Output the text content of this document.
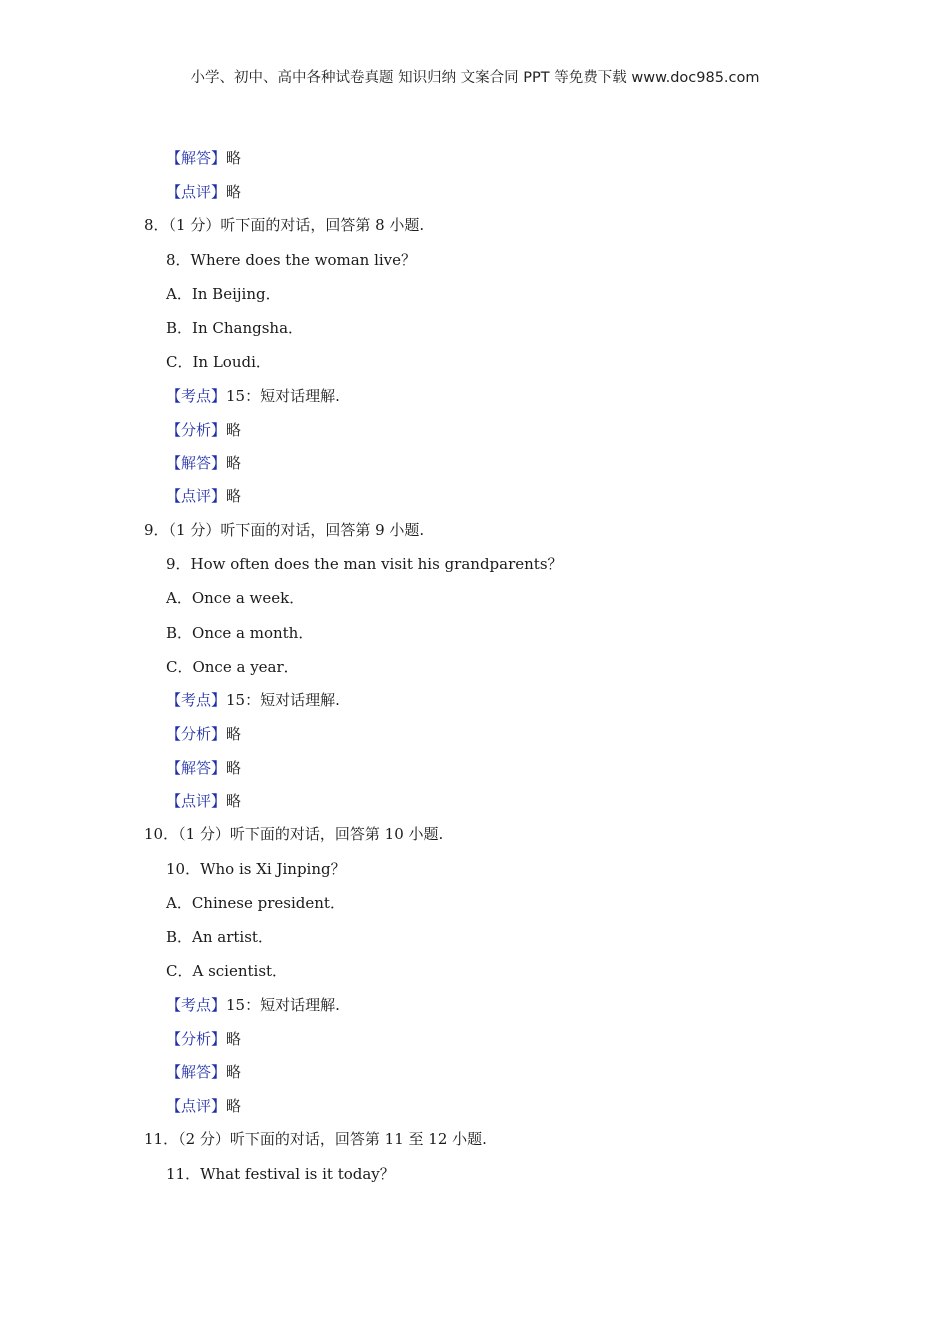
小学、初中、高中各种试卷真题 知识归纳 文案合同 PPT 等免费下载 www.doc985.com
【解答】略
【点评】略
8．（1 分）听下面的对话，回答第 8 小题.
8．Where does the woman live？
A．In Beijing．
B．In Changsha．
C．In Loudi．
【考点】15：短对话理解.
【分析】略
【解答】略
【点评】略
9．（1 分）听下面的对话，回答第 9 小题.
9．How often does the man visit his grandparents？
A．Once a week．
B．Once a month．
C．Once a year．
【考点】15：短对话理解.
【分析】略
【解答】略
【点评】略
10．（1 分）听下面的对话，回答第 10 小题.
10．Who is Xi Jinping？
A．Chinese president．
B．An artist．
C．A scientist．
【考点】15：短对话理解.
【分析】略
【解答】略
【点评】略
11．（2 分）听下面的对话，回答第 11 至 12 小题.
11．What festival is it today？
